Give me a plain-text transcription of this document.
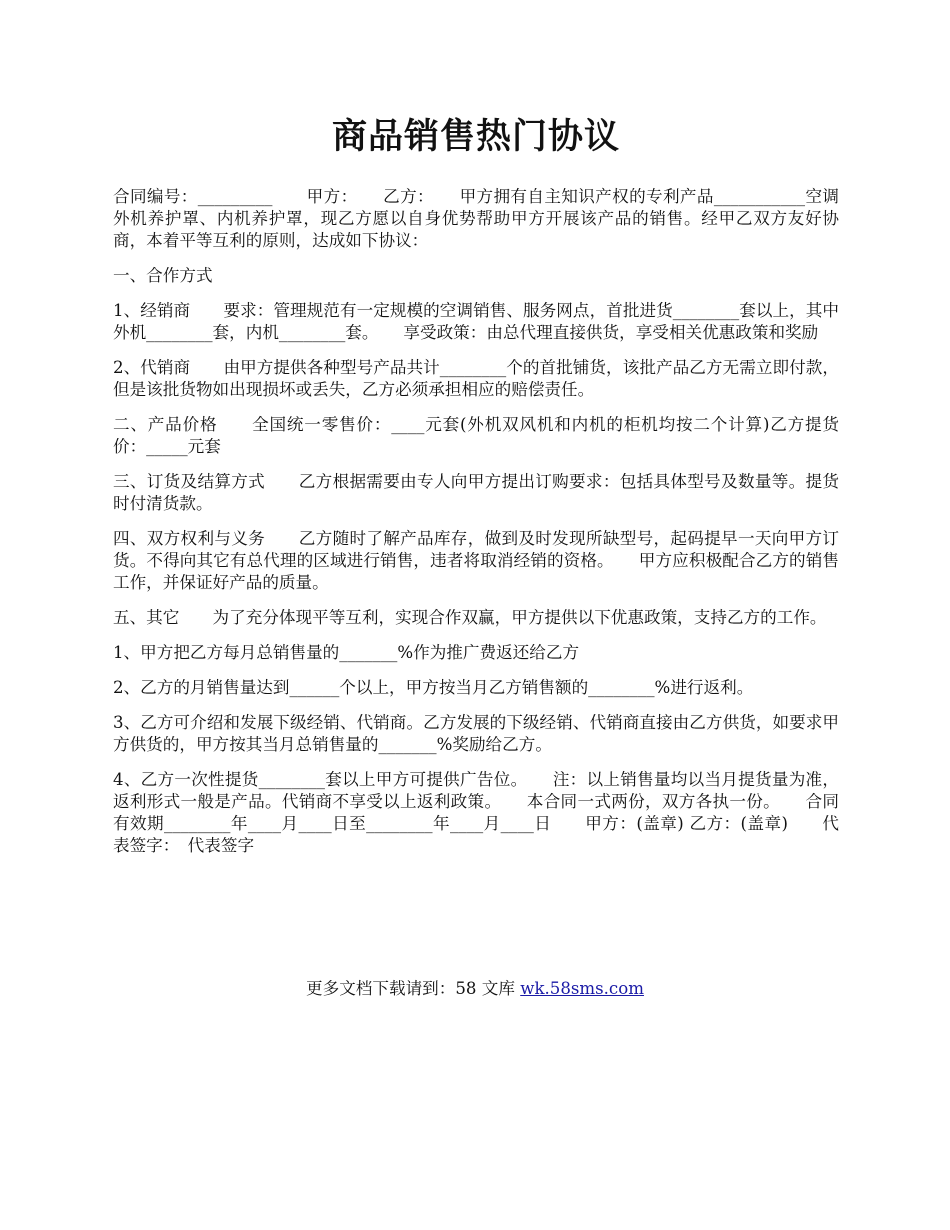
商品销售热门协议

合同编号：_________　　甲方：　　乙方：　　甲方拥有自主知识产权的专利产品___________空调外机养护罩、内机养护罩，现乙方愿以自身优势帮助甲方开展该产品的销售。经甲乙双方友好协商，本着平等互利的原则，达成如下协议：

一、合作方式

1、经销商　　要求：管理规范有一定规模的空调销售、服务网点，首批进货________套以上，其中外机________套，内机________套。　　享受政策：由总代理直接供货，享受相关优惠政策和奖励

2、代销商　　由甲方提供各种型号产品共计________个的首批铺货，该批产品乙方无需立即付款，但是该批货物如出现损坏或丢失，乙方必须承担相应的赔偿责任。

二、产品价格　　全国统一零售价：____元套(外机双风机和内机的柜机均按二个计算)乙方提货价：_____元套

三、订货及结算方式　　乙方根据需要由专人向甲方提出订购要求：包括具体型号及数量等。提货时付清货款。

四、双方权利与义务　　乙方随时了解产品库存，做到及时发现所缺型号，起码提早一天向甲方订货。不得向其它有总代理的区域进行销售，违者将取消经销的资格。　　甲方应积极配合乙方的销售工作，并保证好产品的质量。

五、其它　　为了充分体现平等互利，实现合作双赢，甲方提供以下优惠政策，支持乙方的工作。

1、甲方把乙方每月总销售量的_______%作为推广费返还给乙方

2、乙方的月销售量达到______个以上，甲方按当月乙方销售额的________%进行返利。

3、乙方可介绍和发展下级经销、代销商。乙方发展的下级经销、代销商直接由乙方供货，如要求甲方供货的，甲方按其当月总销售量的_______%奖励给乙方。

4、乙方一次性提货________套以上甲方可提供广告位。　　注：以上销售量均以当月提货量为准，返利形式一般是产品。代销商不享受以上返利政策。　　本合同一式两份，双方各执一份。　　合同有效期________年____月____日至________年____月____日　　甲方：(盖章) 乙方：(盖章)　　代表签字：　代表签字

更多文档下载请到：58 文库 wk.58sms.com
